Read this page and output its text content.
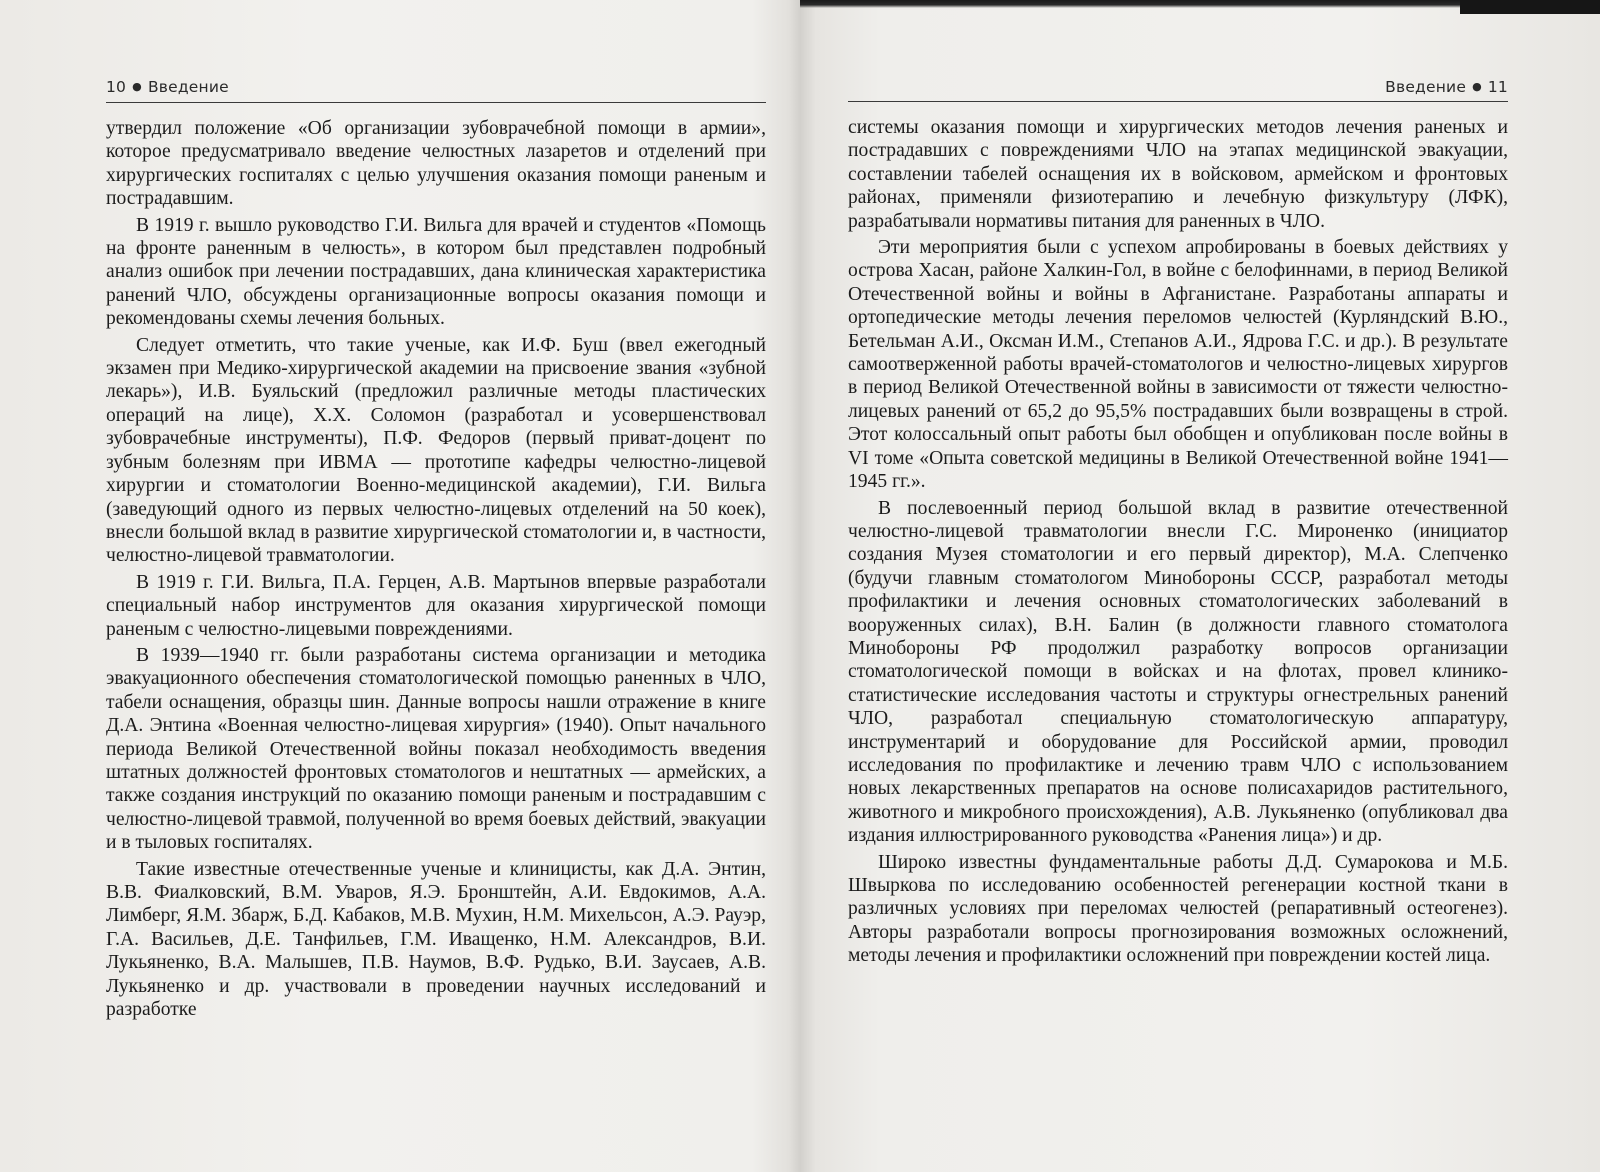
10 ● Введение

утвердил положение «Об организации зубоврачебной помощи в армии», которое предусматривало введение челюстных лазаретов и отделений при хирургических госпиталях с целью улучшения оказания помощи раненым и пострадавшим.

В 1919 г. вышло руководство Г.И. Вильга для врачей и студентов «Помощь на фронте раненным в челюсть», в котором был представлен подробный анализ ошибок при лечении пострадавших, дана клиническая характеристика ранений ЧЛО, обсуждены организационные вопросы оказания помощи и рекомендованы схемы лечения больных.

Следует отметить, что такие ученые, как И.Ф. Буш (ввел ежегодный экзамен при Медико-хирургической академии на присвоение звания «зубной лекарь»), И.В. Буяльский (предложил различные методы пластических операций на лице), Х.Х. Соломон (разработал и усовершенствовал зубоврачебные инструменты), П.Ф. Федоров (первый приват-доцент по зубным болезням при ИВМА — прототипе кафедры челюстно-лицевой хирургии и стоматологии Военно-медицинской академии), Г.И. Вильга (заведующий одного из первых челюстно-лицевых отделений на 50 коек), внесли большой вклад в развитие хирургической стоматологии и, в частности, челюстно-лицевой травматологии.

В 1919 г. Г.И. Вильга, П.А. Герцен, А.В. Мартынов впервые разработали специальный набор инструментов для оказания хирургической помощи раненым с челюстно-лицевыми повреждениями.

В 1939—1940 гг. были разработаны система организации и методика эвакуационного обеспечения стоматологической помощью раненных в ЧЛО, табели оснащения, образцы шин. Данные вопросы нашли отражение в книге Д.А. Энтина «Военная челюстно-лицевая хирургия» (1940). Опыт начального периода Великой Отечественной войны показал необходимость введения штатных должностей фронтовых стоматологов и нештатных — армейских, а также создания инструкций по оказанию помощи раненым и пострадавшим с челюстно-лицевой травмой, полученной во время боевых действий, эвакуации и в тыловых госпиталях.

Такие известные отечественные ученые и клиницисты, как Д.А. Энтин, В.В. Фиалковский, В.М. Уваров, Я.Э. Бронштейн, А.И. Евдокимов, А.А. Лимберг, Я.М. Збарж, Б.Д. Кабаков, М.В. Мухин, Н.М. Михельсон, А.Э. Рауэр, Г.А. Васильев, Д.Е. Танфильев, Г.М. Иващенко, Н.М. Александров, В.И. Лукьяненко, В.А. Малышев, П.В. Наумов, В.Ф. Рудько, В.И. Заусаев, А.В. Лукьяненко и др. участвовали в проведении научных исследований и разработке

Введение ● 11

системы оказания помощи и хирургических методов лечения раненых и пострадавших с повреждениями ЧЛО на этапах медицинской эвакуации, составлении табелей оснащения их в войсковом, армейском и фронтовых районах, применяли физиотерапию и лечебную физкультуру (ЛФК), разрабатывали нормативы питания для раненных в ЧЛО.

Эти мероприятия были с успехом апробированы в боевых действиях у острова Хасан, районе Халкин-Гол, в войне с белофиннами, в период Великой Отечественной войны и войны в Афганистане. Разработаны аппараты и ортопедические методы лечения переломов челюстей (Курляндский В.Ю., Бетельман А.И., Оксман И.М., Степанов А.И., Ядрова Г.С. и др.). В результате самоотверженной работы врачей-стоматологов и челюстно-лицевых хирургов в период Великой Отечественной войны в зависимости от тяжести челюстно-лицевых ранений от 65,2 до 95,5% пострадавших были возвращены в строй. Этот колоссальный опыт работы был обобщен и опубликован после войны в VI томе «Опыта советской медицины в Великой Отечественной войне 1941—1945 гг.».

В послевоенный период большой вклад в развитие отечественной челюстно-лицевой травматологии внесли Г.С. Мироненко (инициатор создания Музея стоматологии и его первый директор), М.А. Слепченко (будучи главным стоматологом Минобороны СССР, разработал методы профилактики и лечения основных стоматологических заболеваний в вооруженных силах), В.Н. Балин (в должности главного стоматолога Минобороны РФ продолжил разработку вопросов организации стоматологической помощи в войсках и на флотах, провел клинико-статистические исследования частоты и структуры огнестрельных ранений ЧЛО, разработал специальную стоматологическую аппаратуру, инструментарий и оборудование для Российской армии, проводил исследования по профилактике и лечению травм ЧЛО с использованием новых лекарственных препаратов на основе полисахаридов растительного, животного и микробного происхождения), А.В. Лукьяненко (опубликовал два издания иллюстрированного руководства «Ранения лица») и др.

Широко известны фундаментальные работы Д.Д. Сумарокова и М.Б. Швыркова по исследованию особенностей регенерации костной ткани в различных условиях при переломах челюстей (репаративный остеогенез). Авторы разработали вопросы прогнозирования возможных осложнений, методы лечения и профилактики осложнений при повреждении костей лица.
